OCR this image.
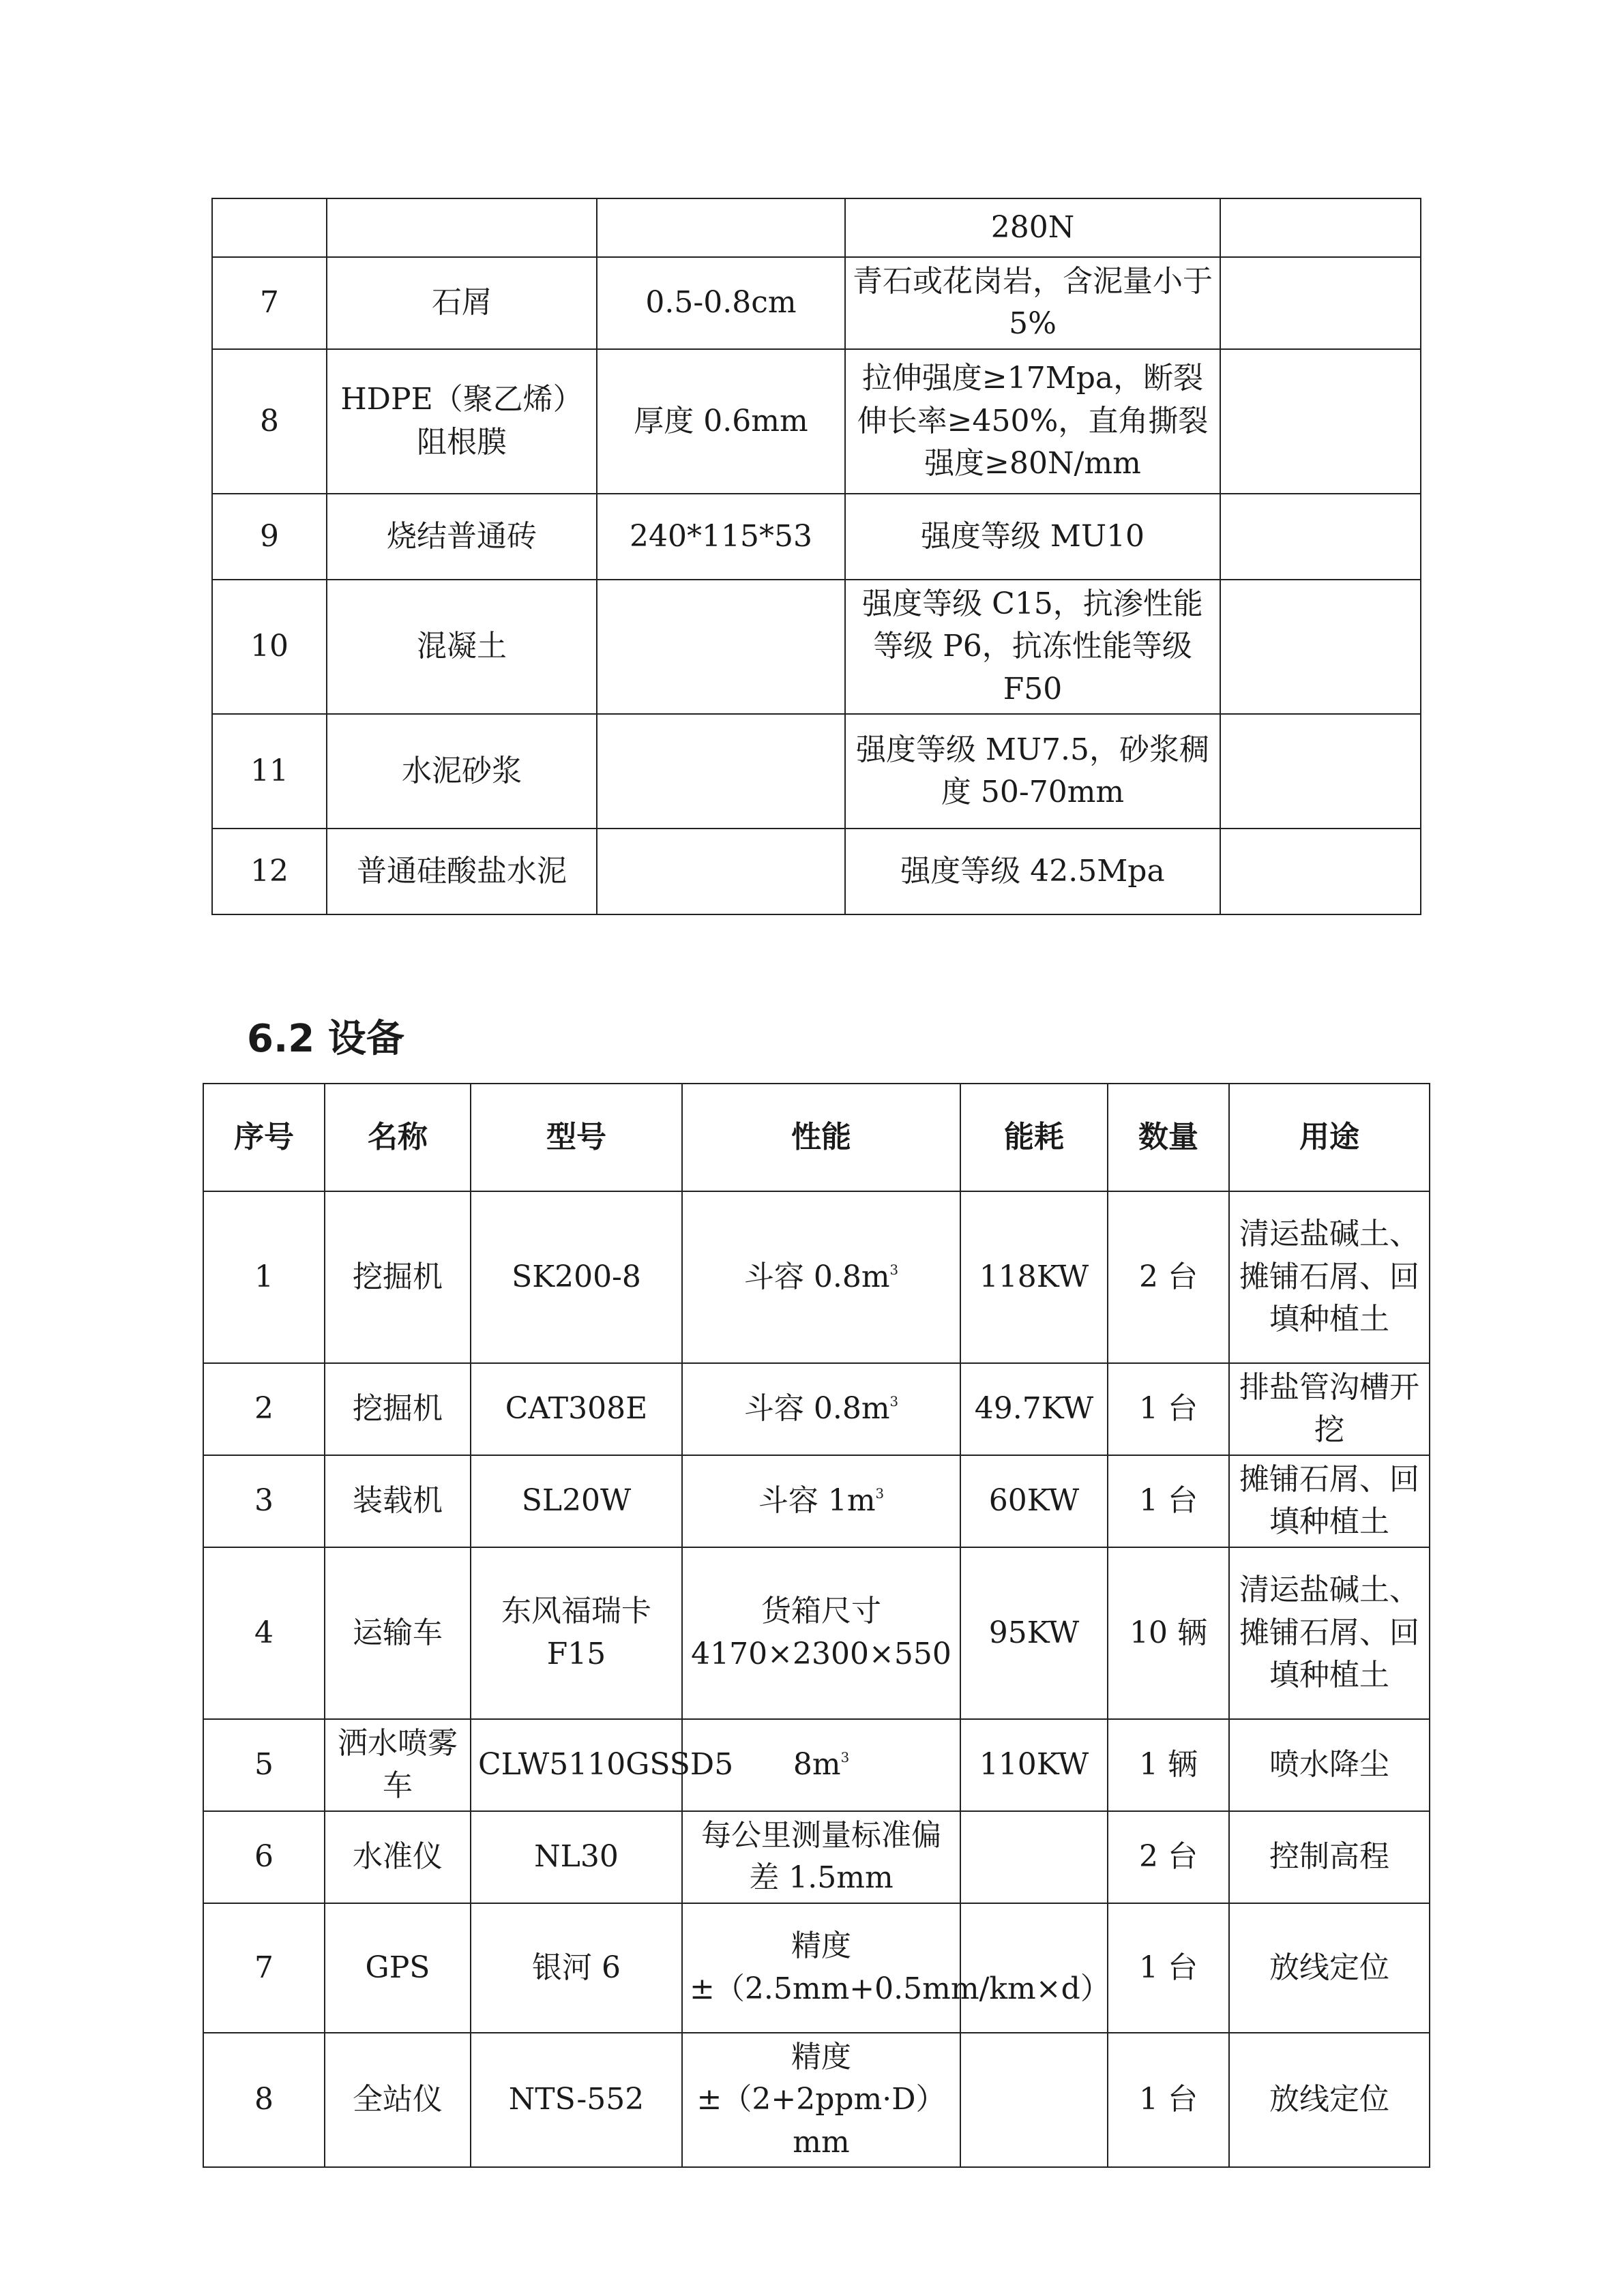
			280N	
7	石屑	0.5-0.8cm	青石或花岗岩，含泥量小于 5%	
8	HDPE（聚乙烯）阻根膜	厚度 0.6mm	拉伸强度≥17Mpa，断裂伸长率≥450%，直角撕裂强度≥80N/mm	
9	烧结普通砖	240*115*53	强度等级 MU10	
10	混凝土		强度等级 C15，抗渗性能等级 P6，抗冻性能等级 F50	
11	水泥砂浆		强度等级 MU7.5，砂浆稠度 50-70mm	
12	普通硅酸盐水泥		强度等级 42.5Mpa	
6.2 设备
序号	名称	型号	性能	能耗	数量	用途
1	挖掘机	SK200-8	斗容 $0.8m^3$	118KW	2 台	清运盐碱土、摊铺石屑、回填种植土
2	挖掘机	CAT308E	斗容 $0.8m^3$	49.7KW	1 台	排盐管沟槽开挖
3	装载机	SL20W	斗容 $1m^3$	60KW	1 台	摊铺石屑、回填种植土
4	运输车	东风福瑞卡 F15	货箱尺寸 4170×2300×550	95KW	10 辆	清运盐碱土、摊铺石屑、回填种植土
5	洒水喷雾车	CLW5110GSSD5	$8m^3$	110KW	1 辆	喷水降尘
6	水准仪	NL30	每公里测量标准偏差 1.5mm		2 台	控制高程
7	GPS	银河 6	精度±（2.5mm+0.5mm/km×d）		1 台	放线定位
8	全站仪	NTS-552	精度±（2+2ppm·D）mm		1 台	放线定位
